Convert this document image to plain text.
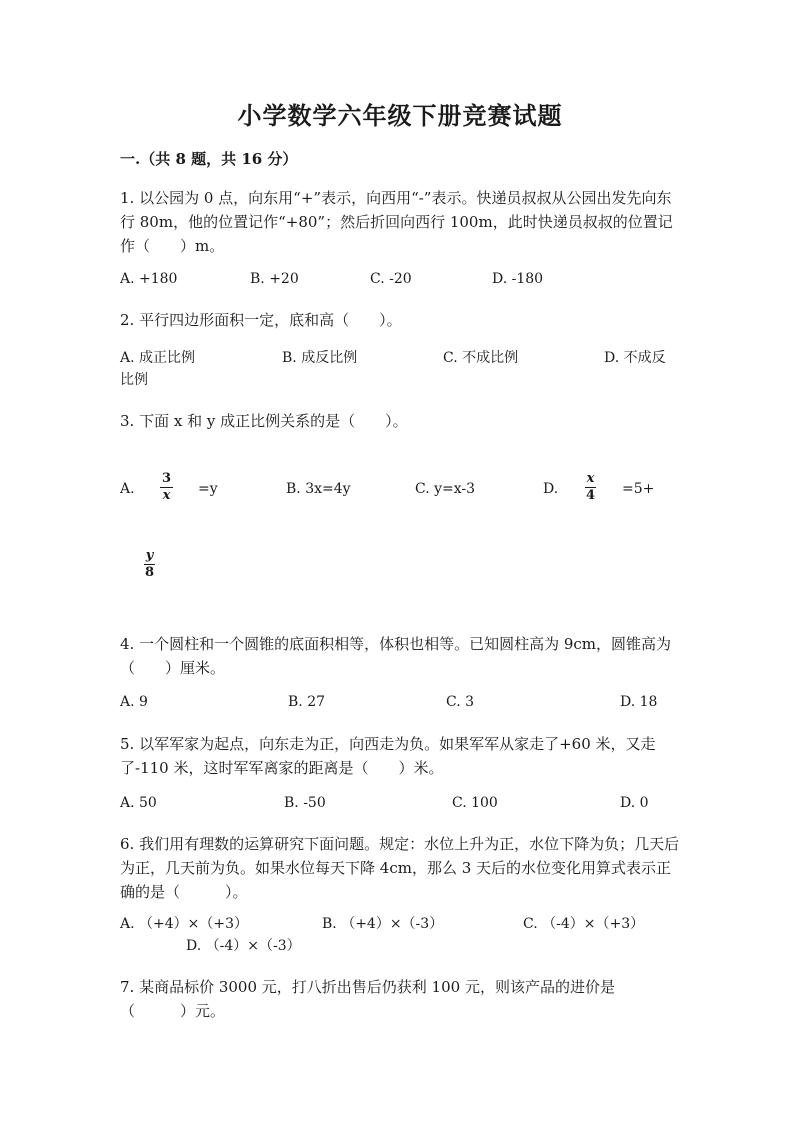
小学数学六年级下册竞赛试题
一.（共 8 题，共 16 分）
1. 以公园为 0 点，向东用“+”表示，向西用“-”表示。快递员叔叔从公园出发先向东行 80m，他的位置记作“+80”；然后折回向西行 100m，此时快递员叔叔的位置记作（　　）m。
A. +180	B. +20	C. -20	D. -180
2. 平行四边形面积一定，底和高（　　）。
A. 成正比例	B. 成反比例	C. 不成比例	D. 不成反
比例
3. 下面 x 和 y 成正比例关系的是（　　）。
A. $\frac{3}{x} =y$	B. 3x=4y	C. y=x-3	D. $\frac{x}{4} =5+$
$\frac{y}{8}$
4. 一个圆柱和一个圆锥的底面积相等，体积也相等。已知圆柱高为 9cm，圆锥高为（　　）厘米。
A. 9	B. 27	C. 3	D. 18
5. 以军军家为起点，向东走为正，向西走为负。如果军军从家走了+60 米，又走了-110 米，这时军军离家的距离是（　　）米。
A. 50	B. -50	C. 100	D. 0
6. 我们用有理数的运算研究下面问题。规定：水位上升为正，水位下降为负；几天后为正，几天前为负。如果水位每天下降 4cm，那么 3 天后的水位变化用算式表示正确的是（　　　）。
A. （+4）×（+3）	B. （+4）×（-3）	C. （-4）×（+3）
D. （-4）×（-3）
7. 某商品标价 3000 元，打八折出售后仍获利 100 元，则该产品的进价是（　　　）元。
